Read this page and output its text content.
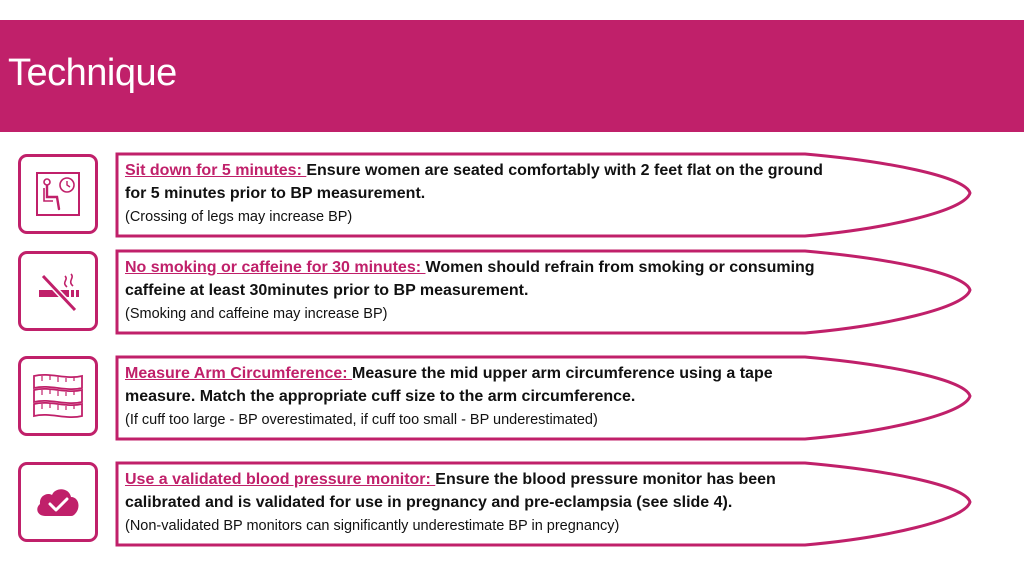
Technique
Sit down for 5 minutes: Ensure women are seated comfortably with 2 feet flat on the ground for 5 minutes prior to BP measurement.
(Crossing of legs may increase BP)
No smoking or caffeine for 30 minutes: Women should refrain from smoking or consuming caffeine at least 30minutes prior to BP measurement.
(Smoking and caffeine may increase BP)
Measure Arm Circumference: Measure the mid upper arm circumference using a tape measure. Match the appropriate cuff size to the arm circumference.
(If cuff too large - BP overestimated, if cuff too small - BP underestimated)
Use a validated blood pressure monitor: Ensure the blood pressure monitor has been calibrated and is validated for use in pregnancy and pre-eclampsia (see slide 4).
(Non-validated BP monitors can significantly underestimate BP in pregnancy)
